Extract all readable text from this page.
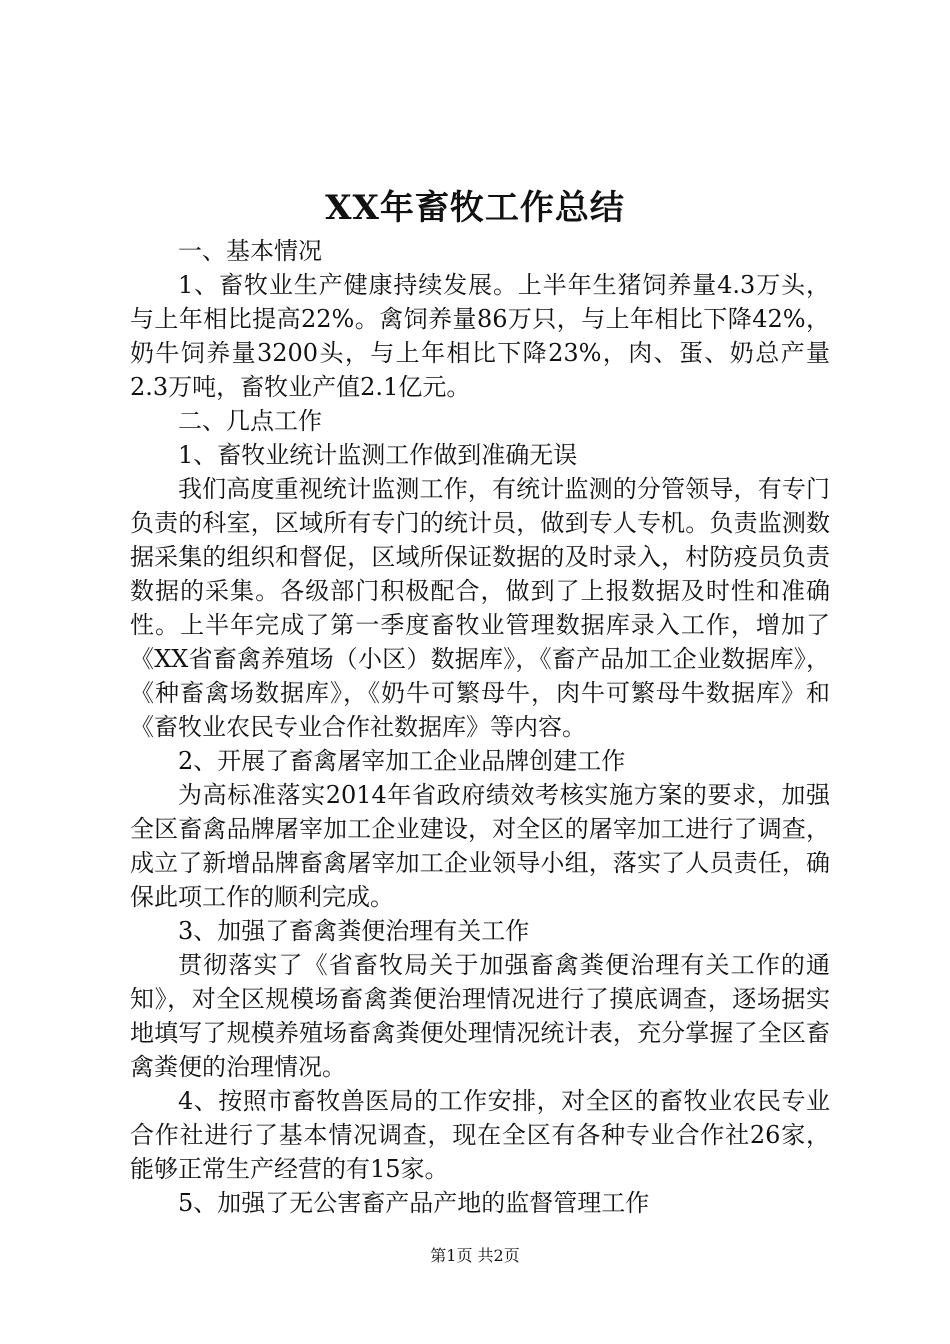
XX年畜牧工作总结

一、基本情况

1、畜牧业生产健康持续发展。上半年生猪饲养量4.3万头，与上年相比提高22%。禽饲养量86万只，与上年相比下降42%，奶牛饲养量3200头，与上年相比下降23%，肉、蛋、奶总产量2.3万吨，畜牧业产值2.1亿元。

二、几点工作

1、畜牧业统计监测工作做到准确无误

我们高度重视统计监测工作，有统计监测的分管领导，有专门负责的科室，区域所有专门的统计员，做到专人专机。负责监测数据采集的组织和督促，区域所保证数据的及时录入，村防疫员负责数据的采集。各级部门积极配合，做到了上报数据及时性和准确性。上半年完成了第一季度畜牧业管理数据库录入工作，增加了《XX省畜禽养殖场（小区）数据库》，《畜产品加工企业数据库》，《种畜禽场数据库》，《奶牛可繁母牛，肉牛可繁母牛数据库》和《畜牧业农民专业合作社数据库》等内容。

2、开展了畜禽屠宰加工企业品牌创建工作

为高标准落实2014年省政府绩效考核实施方案的要求，加强全区畜禽品牌屠宰加工企业建设，对全区的屠宰加工进行了调查，成立了新增品牌畜禽屠宰加工企业领导小组，落实了人员责任，确保此项工作的顺利完成。

3、加强了畜禽粪便治理有关工作

贯彻落实了《省畜牧局关于加强畜禽粪便治理有关工作的通知》，对全区规模场畜禽粪便治理情况进行了摸底调查，逐场据实地填写了规模养殖场畜禽粪便处理情况统计表，充分掌握了全区畜禽粪便的治理情况。

4、按照市畜牧兽医局的工作安排，对全区的畜牧业农民专业合作社进行了基本情况调查，现在全区有各种专业合作社26家，能够正常生产经营的有15家。

5、加强了无公害畜产品产地的监督管理工作

第1页 共2页
